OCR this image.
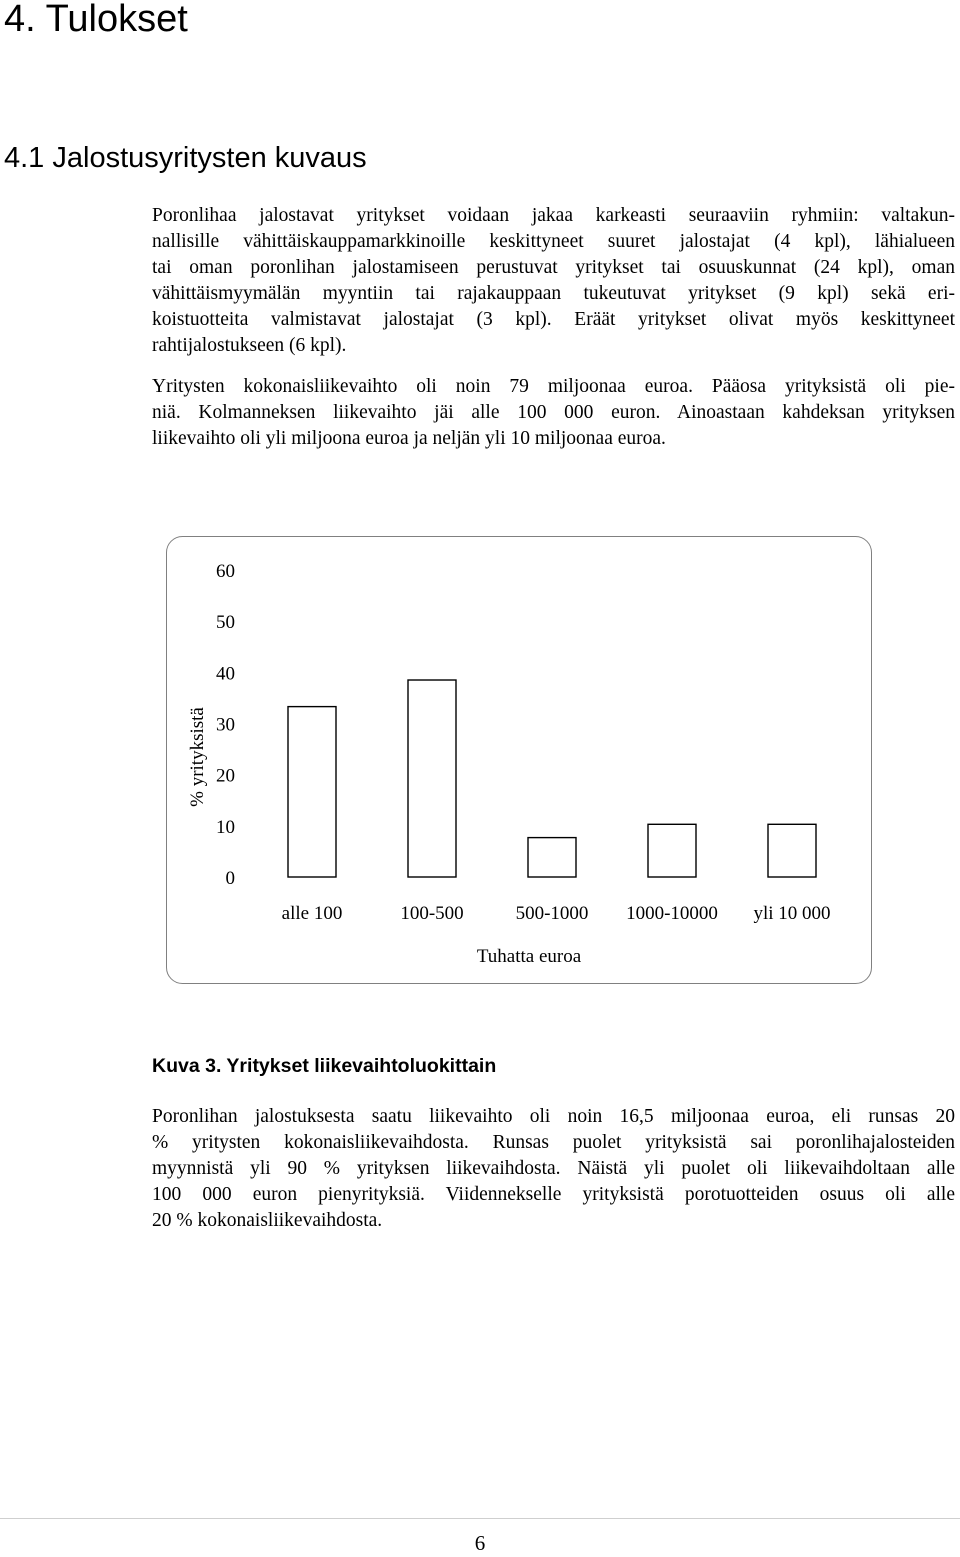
4. Tulokset
4.1 Jalostusyritysten kuvaus
Poronlihaa jalostavat yritykset voidaan jakaa karkeasti seuraaviin ryhmiin: valtakun-
nallisille vähittäiskauppamarkkinoille keskittyneet suuret jalostajat (4 kpl), lähialueen
tai oman poronlihan jalostamiseen perustuvat yritykset tai osuuskunnat (24 kpl), oman
vähittäismyymälän myyntiin tai rajakauppaan tukeutuvat yritykset (9 kpl) sekä eri-
koistuotteita valmistavat jalostajat (3 kpl). Eräät yritykset olivat myös keskittyneet
rahtijalostukseen (6 kpl).
Yritysten kokonaisliikevaihto oli noin 79 miljoonaa euroa. Pääosa yrityksistä oli pie-
niä. Kolmanneksen liikevaihto jäi alle 100 000 euron. Ainoastaan kahdeksan yrityksen
liikevaihto oli yli miljoona euroa ja neljän yli 10 miljoonaa euroa.
0
10
20
30
40
50
60
alle 100	100-500	500-1000 1000-10000 yli 10 000
Tuhatta euroa
% yrityksistä
Kuva 3. Yritykset liikevaihtoluokittain
Poronlihan jalostuksesta saatu liikevaihto oli noin 16,5 miljoonaa euroa, eli runsas 20
% yritysten kokonaisliikevaihdosta. Runsas puolet yrityksistä sai poronlihajalosteiden
myynnistä yli 90 % yrityksen liikevaihdosta. Näistä yli puolet oli liikevaihdoltaan alle
100 000 euron pienyrityksiä. Viidennekselle yrityksistä porotuotteiden osuus oli alle
20 % kokonaisliikevaihdosta.
6
